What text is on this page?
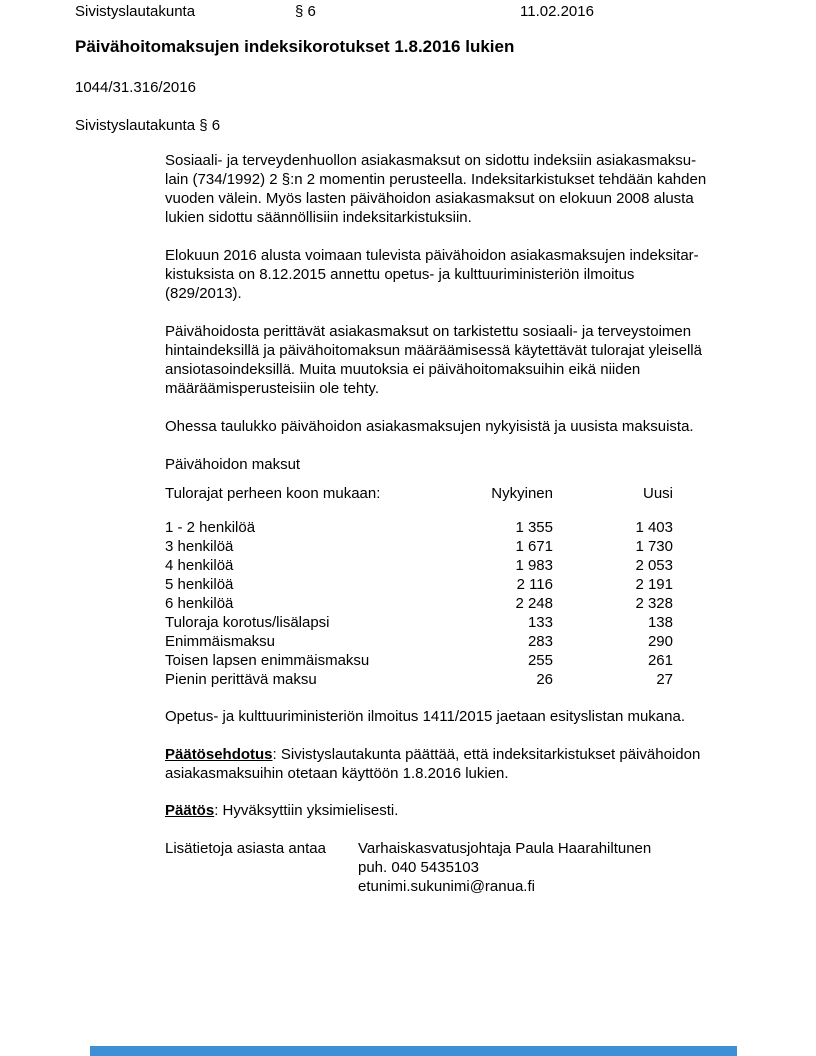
Sivistyslautakunta	§ 6	11.02.2016
Päivähoitomaksujen indeksikorotukset 1.8.2016 lukien
1044/31.316/2016
Sivistyslautakunta § 6
Sosiaali- ja terveydenhuollon asiakasmaksut on sidottu indeksiin asiakasmaksu-
lain (734/1992) 2 §:n 2 momentin perusteella. Indeksitarkistukset tehdään kahden
vuoden välein. Myös lasten päivähoidon asiakasmaksut on elokuun 2008 alusta
lukien sidottu säännöllisiin indeksitarkistuksiin.
Elokuun 2016 alusta voimaan tulevista päivähoidon asiakasmaksujen indeksitar-
kistuksista on 8.12.2015 annettu opetus- ja kulttuuriministeriön ilmoitus
(829/2013).
Päivähoidosta perittävät asiakasmaksut on tarkistettu sosiaali- ja terveystoimen
hintaindeksillä ja päivähoitomaksun määräämisessä käytettävät tulorajat yleisellä
ansiotasoindeksillä. Muita muutoksia ei päivähoitomaksuihin eikä niiden
määräämisperusteisiin ole tehty.
Ohessa taulukko päivähoidon asiakasmaksujen nykyisistä ja uusista maksuista.
Päivähoidon maksut
Tulorajat perheen koon mukaan:	Nykyinen	Uusi

1 - 2 henkilöä	1 355	1 403
3 henkilöä	1 671	1 730
4 henkilöä	1 983	2 053
5 henkilöä	2 116	2 191
6 henkilöä	2 248	2 328
Tuloraja korotus/lisälapsi	133	138
Enimmäismaksu	283	290
Toisen lapsen enimmäismaksu	255	261
Pienin perittävä maksu	26	27
Opetus- ja kulttuuriministeriön ilmoitus 1411/2015 jaetaan esityslistan mukana.
Päätösehdotus: Sivistyslautakunta päättää, että indeksitarkistukset päivähoidon
asiakasmaksuihin otetaan käyttöön 1.8.2016 lukien.
Päätös: Hyväksyttiin yksimielisesti.
Lisätietoja asiasta antaa	Varhaiskasvatusjohtaja Paula Haarahiltunen
puh. 040 5435103
etunimi.sukunimi@ranua.fi
